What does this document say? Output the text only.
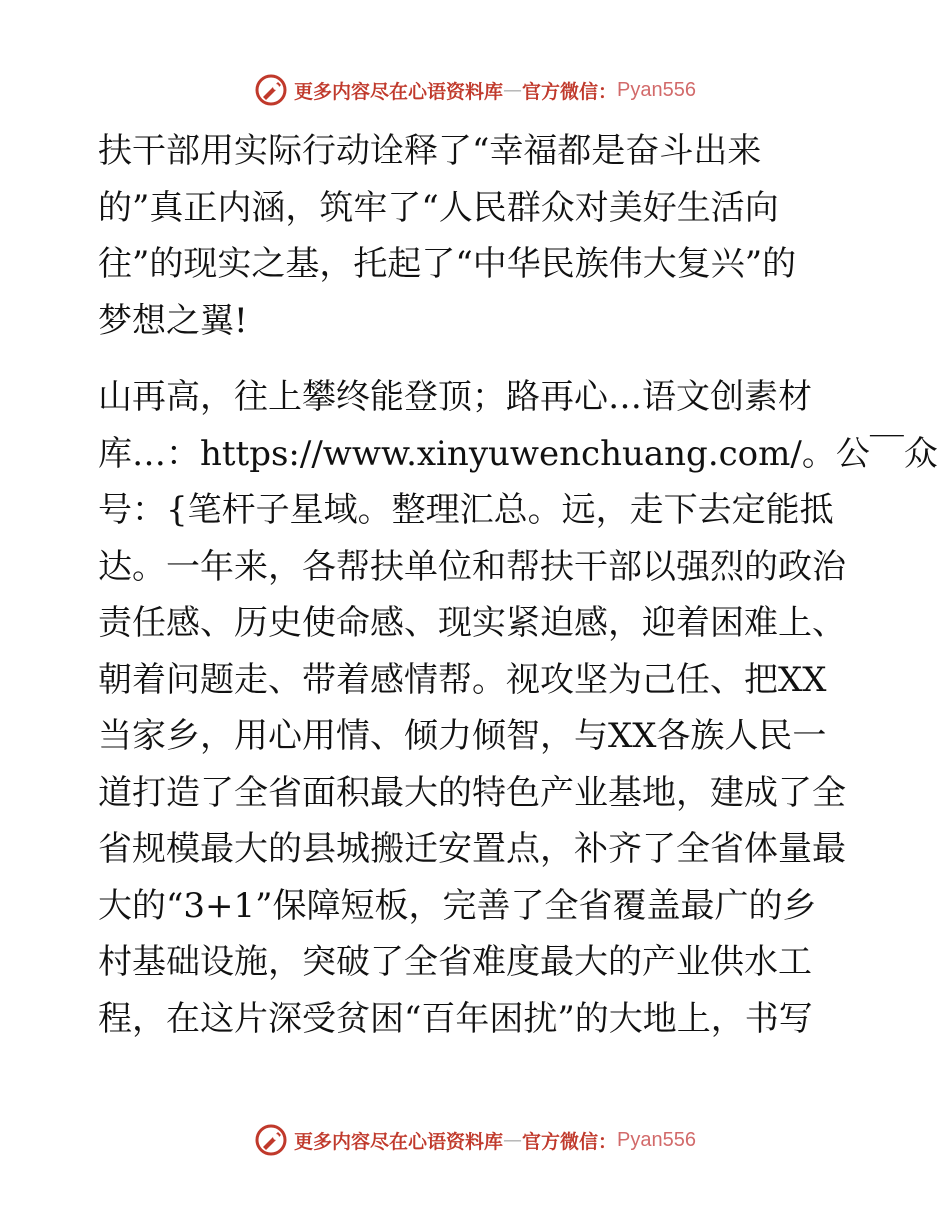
更多内容尽在心语资料库 — 官方微信： Pyan556
扶干部用实际行动诠释了“幸福都是奋斗出来
的”真正内涵，筑牢了“人民群众对美好生活向
往”的现实之基，托起了“中华民族伟大复兴”的
梦想之翼!
山再高，往上攀终能登顶；路再心…语文创素材
库…：https://www.xinyuwenchuang.com/。公￣众
号：{笔杆子星域。整理汇总。远，走下去定能抵
达。一年来，各帮扶单位和帮扶干部以强烈的政治
责任感、历史使命感、现实紧迫感，迎着困难上、
朝着问题走、带着感情帮。视攻坚为己任、把XX
当家乡，用心用情、倾力倾智，与XX各族人民一
道打造了全省面积最大的特色产业基地，建成了全
省规模最大的县城搬迁安置点，补齐了全省体量最
大的“3+1”保障短板，完善了全省覆盖最广的乡
村基础设施，突破了全省难度最大的产业供水工
程，在这片深受贫困“百年困扰”的大地上，书写
更多内容尽在心语资料库 — 官方微信： Pyan556
